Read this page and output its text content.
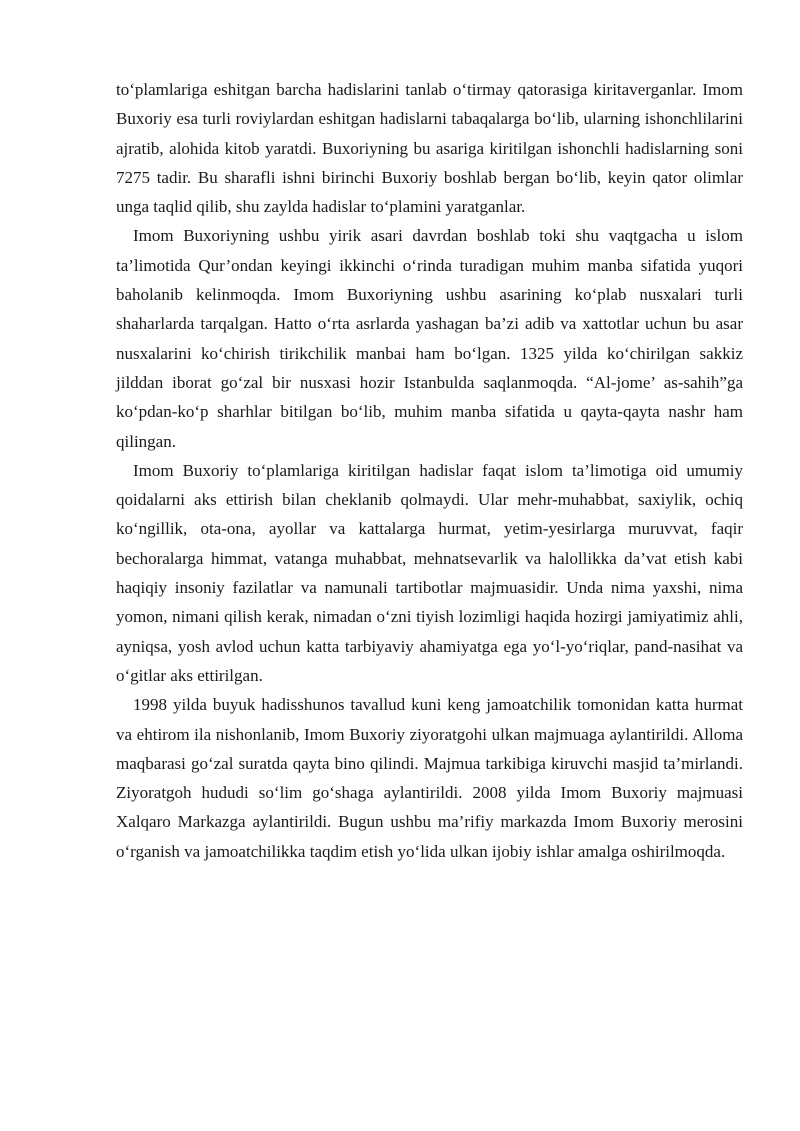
to‘plamlariga eshitgan barcha hadislarini tanlab o‘tirmay qatorasiga kiritaverganlar. Imom Buxoriy esa turli roviylardan eshitgan hadislarni tabaqalarga bo‘lib, ularning ishonchlilarini ajratib, alohida kitob yaratdi. Buxoriyning bu asariga kiritilgan ishonchli hadislarning soni 7275 tadir. Bu sharafli ishni birinchi Buxoriy boshlab bergan bo‘lib, keyin qator olimlar unga taqlid qilib, shu zaylda hadislar to‘plamini yaratganlar.

Imom Buxoriyning ushbu yirik asari davrdan boshlab toki shu vaqtgacha u islom ta’limotida Qur’ondan keyingi ikkinchi o‘rinda turadigan muhim manba sifatida yuqori baholanib kelinmoqda. Imom Buxoriyning ushbu asarining ko‘plab nusxalari turli shaharlarda tarqalgan. Hatto o‘rta asrlarda yashagan ba’zi adib va xattotlar uchun bu asar nusxalarini ko‘chirish tirikchilik manbai ham bo‘lgan. 1325 yilda ko‘chirilgan sakkiz jilddan iborat go‘zal bir nusxasi hozir Istanbulda saqlanmoqda. “Al-jome’ as-sahih”ga ko‘pdan-ko‘p sharhlar bitilgan bo‘lib, muhim manba sifatida u qayta-qayta nashr ham qilingan.

Imom Buxoriy to‘plamlariga kiritilgan hadislar faqat islom ta’limotiga oid umumiy qoidalarni aks ettirish bilan cheklanib qolmaydi. Ular mehr-muhabbat, saxiylik, ochiq ko‘ngillik, ota-ona, ayollar va kattalarga hurmat, yetim-yesirlarga muruvvat, faqir bechoralarga himmat, vatanga muhabbat, mehnatsevarlik va halollikka da’vat etish kabi haqiqiy insoniy fazilatlar va namunali tartibotlar majmuasidir. Unda nima yaxshi, nima yomon, nimani qilish kerak, nimadan o‘zni tiyish lozimligi haqida hozirgi jamiyatimiz ahli, ayniqsa, yosh avlod uchun katta tarbiyaviy ahamiyatga ega yo‘l-yo‘riqlar, pand-nasihat va o‘gitlar aks ettirilgan.

1998 yilda buyuk hadisshunos tavallud kuni keng jamoatchilik tomonidan katta hurmat va ehtirom ila nishonlanib, Imom Buxoriy ziyoratgohi ulkan majmuaga aylantirildi. Alloma maqbarasi go‘zal suratda qayta bino qilindi. Majmua tarkibiga kiruvchi masjid ta’mirlandi. Ziyoratgoh hududi so‘lim go‘shaga aylantirildi. 2008 yilda Imom Buxoriy majmuasi Xalqaro Markazga aylantirildi. Bugun ushbu ma’rifiy markazda Imom Buxoriy merosini o‘rganish va jamoatchilikka taqdim etish yo‘lida ulkan ijobiy ishlar amalga oshirilmoqda.
